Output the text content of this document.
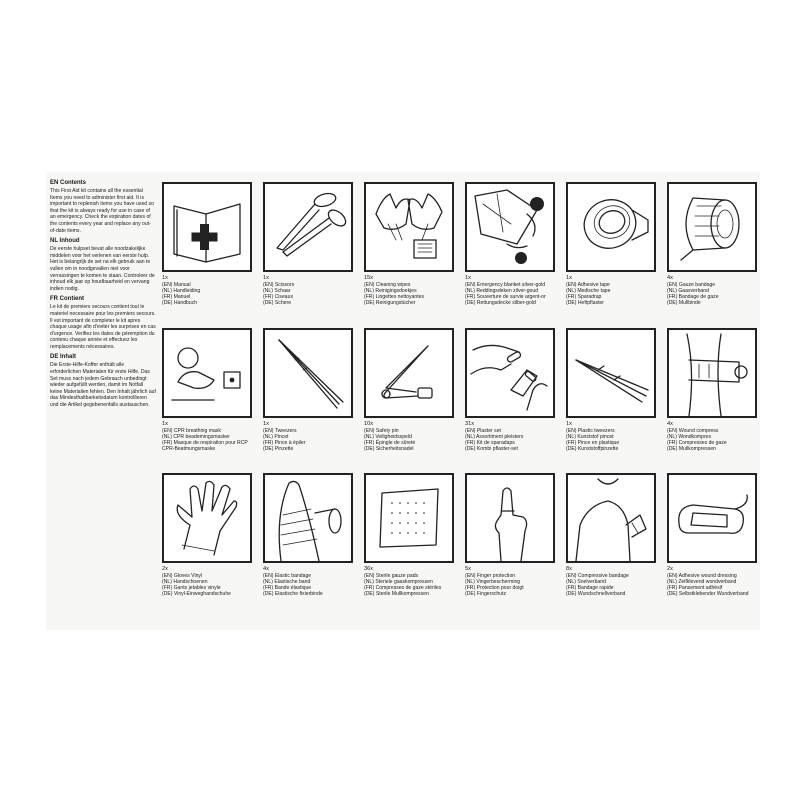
EN Contents
This First Aid kit contains all the essential Items you need to administer first aid. It is important to replenish items you have used so that the kit is always ready for use in case of an emergency. Check the expiration dates of the contents every year and replace any out-of-date items.
NL Inhoud
De eerste hulpset bevat alle noodzakelijke middelen voor het verlenen van eerste hulp. Het is belangrijk de set na elk gebruik aan te vullen om in noodgevallen niet voor verrassingen te komen te staan. Controleer de inhoud elk jaar op houdbaarheid en vervang indien nodig.
FR Contient
Le kit de premiers secours contient tout le materiel necessaire pour les premiers secours. Il est important de completer le kit apres chaque usage afin d'eviter les surprises en cas d'urgence. Verifiez les dates de péremption du contenu chaque année et effectuez les remplacements nécessaires.
DE Inhalt
Die Erste-Hilfe-Koffer enthält alle erforderlichen Materialen für erste Hilfe. Das Set muss nach jedem Gebrauch unbedingt wieder aufgefüllt werden, damit im Notfall keine Materialien fehlen. Den Inhalt jährlich auf das Mindesthaltbarkeitsdatum kontrollieren und die Artikel gegebenenfalls austauschen.
1x
(EN) Manual
(NL) Handleiding
(FR) Manuel
(DE) Handbuch
1x
(EN) Scissors
(NL) Schaar
(FR) Ciseaux
(DE) Schere
15x
(EN) Cleaning wipes
(NL) Reinigingsdoekjes
(FR) Lingettes nettoyantes
(DE) Reinigungstücher
1x
(EN) Emergency blanket silver-gold
(NL) Reddingsdeken zilver-goud
(FR) Souverture de survie argent-or
(DE) Rettungsdecke silber-gold
1x
(EN) Adhesive tape
(NL) Medische tape
(FR) Sparadrap
(DE) Heftpflaster
4x
(EN) Gauze bandage
(NL) Gaasverband
(FR) Bandage de gaze
(DE) Mullbinde
1x
(EN) CPR breathing mask
(NL) CPR beademingsmasker
(FR) Masque de respiration pour RCP
CPR-Beatmungsmaske
1x
(EN) Tweezers
(NL) Pincet
(FR) Pince à épiler
(DE) Pinzette
10x
(EN) Safety pin
(NL) Veiligheidsspeld
(FR) Épingle de sûreté
(DE) Sicherheitsnadel
31x
(EN) Plaster set
(NL) Assortiment pleisters
(FR) Kit de sparadaps
(DE) Kombi pflaster-set
1x
(EN) Plastic tweezers
(NL) Kunststof pincet
(FR) Pince en plastique
(DE) Kunststoffpinzette
4x
(EN) Wound compress
(NL) Wondkompres
(FR) Compresses de gaze
(DE) Mullkompressen
2x
(EN) Gloves Vinyl
(NL) Handschoenen
(FR) Gants jetables vinyle
(DE) Vinyl-Einweghandschuhe
4x
(EN) Elastic bandage
(NL) Elastische band
(FR) Bande élastique
(DE) Elastische fixierbinde
36x
(EN) Sterile gauze pads
(NL) Steriele gaaskompressen
(FR) Compresses de gaze stériles
(DE) Sterile Mullkompressen
5x
(EN) Finger protection
(NL) Vingerbescherming
(FR) Protection pour doigt
(DE) Fingerschutz
8x
(EN) Compressive bandage
(NL) Snelverband
(FR) Bandage rapide
(DE) Wundschnellverband
2x
(EN) Adhesive wound dressing
(NL) Zelfklevend wondverband
(FR) Pansement adhésif
(DE) Selbstklebender Wundverband
